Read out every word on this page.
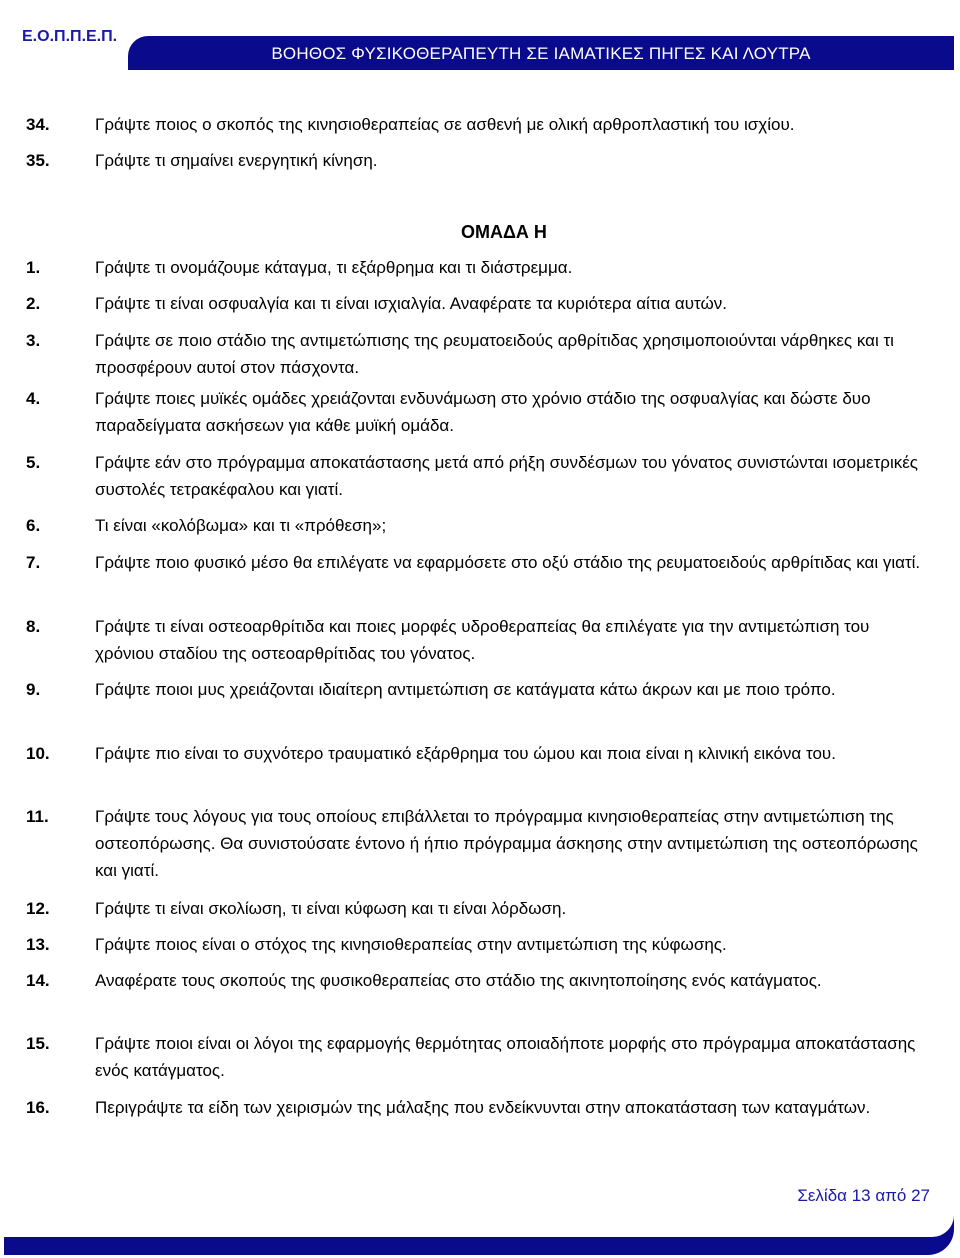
Ε.Ο.Π.Π.Ε.Π.
ΒΟΗΘΟΣ ΦΥΣΙΚΟΘΕΡΑΠΕΥΤΗ ΣΕ ΙΑΜΑΤΙΚΕΣ ΠΗΓΕΣ ΚΑΙ ΛΟΥΤΡΑ
34.	Γράψτε ποιος ο σκοπός της κινησιοθεραπείας σε ασθενή με ολική αρθροπλαστική του ισχίου.
35.	Γράψτε τι σημαίνει ενεργητική κίνηση.
ΟΜΑΔΑ Η
1.	Γράψτε τι ονομάζουμε κάταγμα, τι εξάρθρημα και τι διάστρεμμα.
2.	Γράψτε τι είναι οσφυαλγία και τι είναι ισχιαλγία. Αναφέρατε τα κυριότερα αίτια αυτών.
3.	Γράψτε σε ποιο στάδιο της αντιμετώπισης της ρευματοειδούς αρθρίτιδας χρησιμοποιούνται νάρθηκες και τι προσφέρουν αυτοί στον πάσχοντα.
4.	Γράψτε ποιες μυϊκές ομάδες χρειάζονται ενδυνάμωση στο χρόνιο στάδιο της οσφυαλγίας και δώστε δυο παραδείγματα ασκήσεων για κάθε μυϊκή ομάδα.
5.	Γράψτε εάν στο πρόγραμμα αποκατάστασης μετά από ρήξη συνδέσμων του γόνατος συνιστώνται ισομετρικές συστολές τετρακέφαλου και γιατί.
6.	Τι είναι «κολόβωμα» και τι «πρόθεση»;
7.	Γράψτε ποιο φυσικό μέσο θα επιλέγατε να εφαρμόσετε στο οξύ στάδιο της ρευματοειδούς αρθρίτιδας και γιατί.
8.	Γράψτε τι είναι οστεοαρθρίτιδα και ποιες μορφές υδροθεραπείας θα επιλέγατε για την αντιμετώπιση του χρόνιου σταδίου της οστεοαρθρίτιδας του γόνατος.
9.	Γράψτε ποιοι μυς χρειάζονται ιδιαίτερη αντιμετώπιση σε κατάγματα κάτω άκρων και με ποιο τρόπο.
10.	Γράψτε πιο είναι το συχνότερο τραυματικό εξάρθρημα του ώμου και ποια είναι η κλινική εικόνα του.
11.	Γράψτε τους λόγους για τους οποίους επιβάλλεται το πρόγραμμα κινησιοθεραπείας στην αντιμετώπιση της οστεοπόρωσης. Θα συνιστούσατε έντονο ή ήπιο πρόγραμμα άσκησης στην αντιμετώπιση της οστεοπόρωσης και γιατί.
12.	Γράψτε τι είναι σκολίωση, τι είναι κύφωση και τι είναι λόρδωση.
13.	Γράψτε ποιος είναι ο στόχος της κινησιοθεραπείας στην αντιμετώπιση της κύφωσης.
14.	Αναφέρατε τους σκοπούς της φυσικοθεραπείας στο στάδιο της ακινητοποίησης ενός κατάγματος.
15.	Γράψτε ποιοι είναι οι λόγοι της εφαρμογής θερμότητας οποιαδήποτε μορφής στο πρόγραμμα αποκατάστασης ενός κατάγματος.
16.	Περιγράψτε τα είδη των χειρισμών της μάλαξης που ενδείκνυνται στην αποκατάσταση των καταγμάτων.
Σελίδα 13 από 27
